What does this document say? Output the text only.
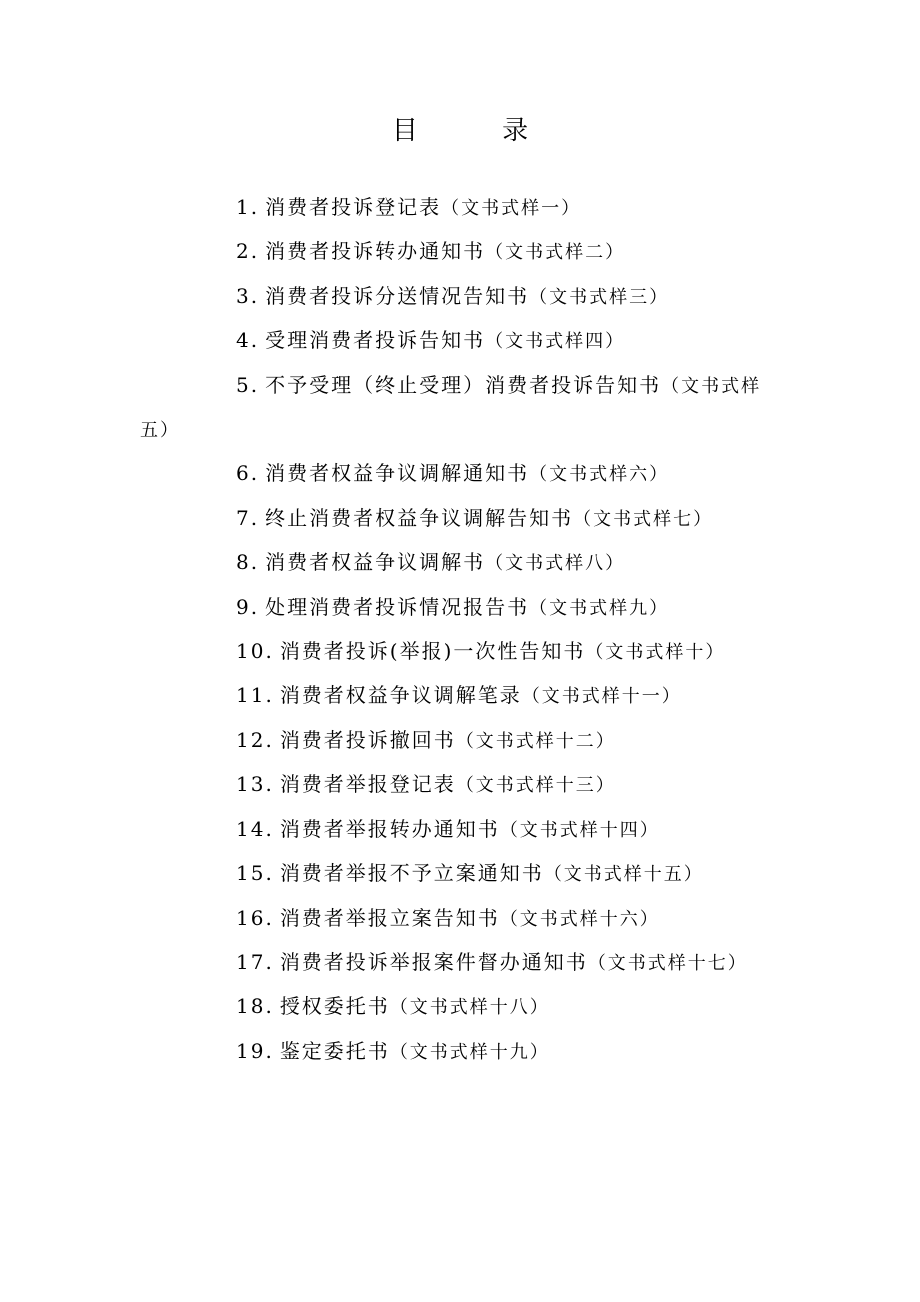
目 录
1. 消费者投诉登记表（文书式样一）
2. 消费者投诉转办通知书（文书式样二）
3. 消费者投诉分送情况告知书（文书式样三）
4. 受理消费者投诉告知书（文书式样四）
5. 不予受理（终止受理）消费者投诉告知书（文书式样五）
6. 消费者权益争议调解通知书（文书式样六）
7. 终止消费者权益争议调解告知书（文书式样七）
8. 消费者权益争议调解书（文书式样八）
9. 处理消费者投诉情况报告书（文书式样九）
10. 消费者投诉(举报)一次性告知书（文书式样十）
11. 消费者权益争议调解笔录（文书式样十一）
12. 消费者投诉撤回书（文书式样十二）
13. 消费者举报登记表（文书式样十三）
14. 消费者举报转办通知书（文书式样十四）
15. 消费者举报不予立案通知书（文书式样十五）
16. 消费者举报立案告知书（文书式样十六）
17. 消费者投诉举报案件督办通知书（文书式样十七）
18. 授权委托书（文书式样十八）
19. 鉴定委托书（文书式样十九）
